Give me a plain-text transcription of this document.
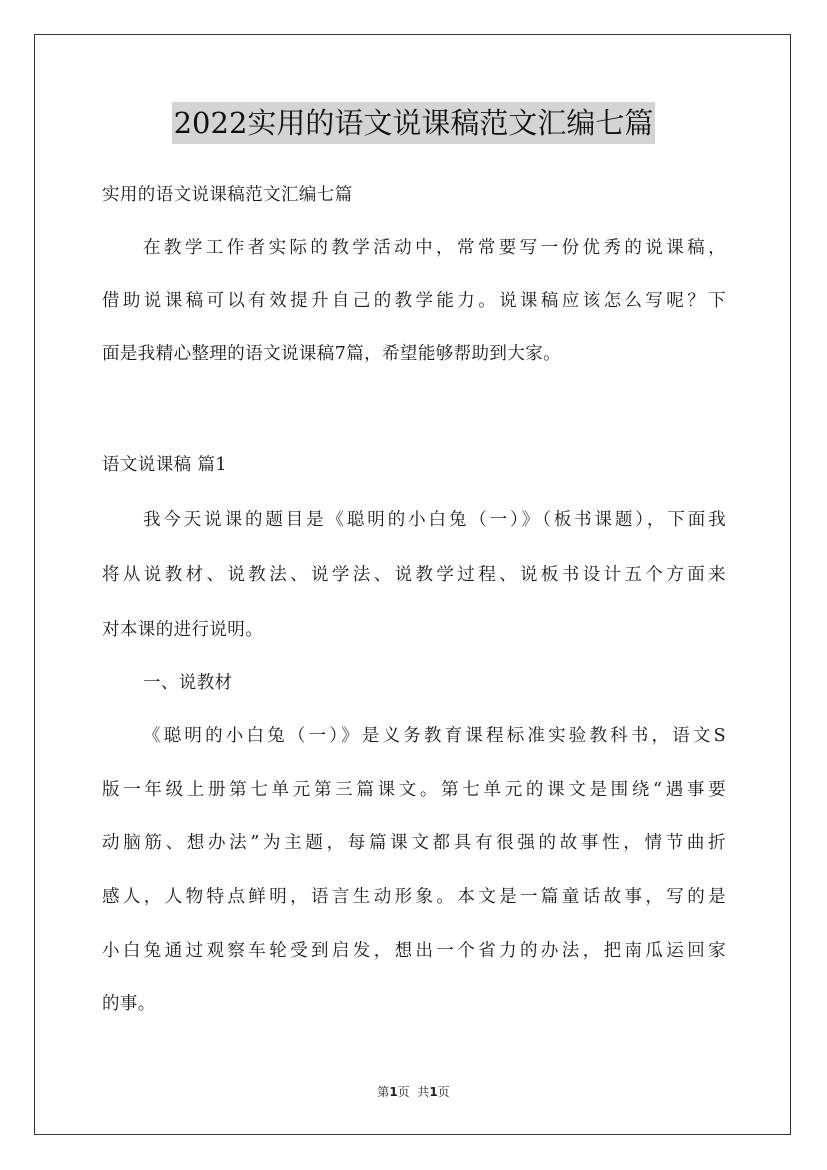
2022实用的语文说课稿范文汇编七篇
实用的语文说课稿范文汇编七篇
在教学工作者实际的教学活动中，常常要写一份优秀的说课稿，
借助说课稿可以有效提升自己的教学能力。说课稿应该怎么写呢？下
面是我精心整理的语文说课稿7篇，希望能够帮助到大家。
语文说课稿 篇1
我今天说课的题目是《聪明的小白兔（一）》（板书课题），下面我
将从说教材、说教法、说学法、说教学过程、说板书设计五个方面来
对本课的进行说明。
一、说教材
《聪明的小白兔（一）》是义务教育课程标准实验教科书，语文S
版一年级上册第七单元第三篇课文。第七单元的课文是围绕“遇事要
动脑筋、想办法”为主题，每篇课文都具有很强的故事性，情节曲折
感人，人物特点鲜明，语言生动形象。本文是一篇童话故事，写的是
小白兔通过观察车轮受到启发，想出一个省力的办法，把南瓜运回家
的事。
第1页  共1页
